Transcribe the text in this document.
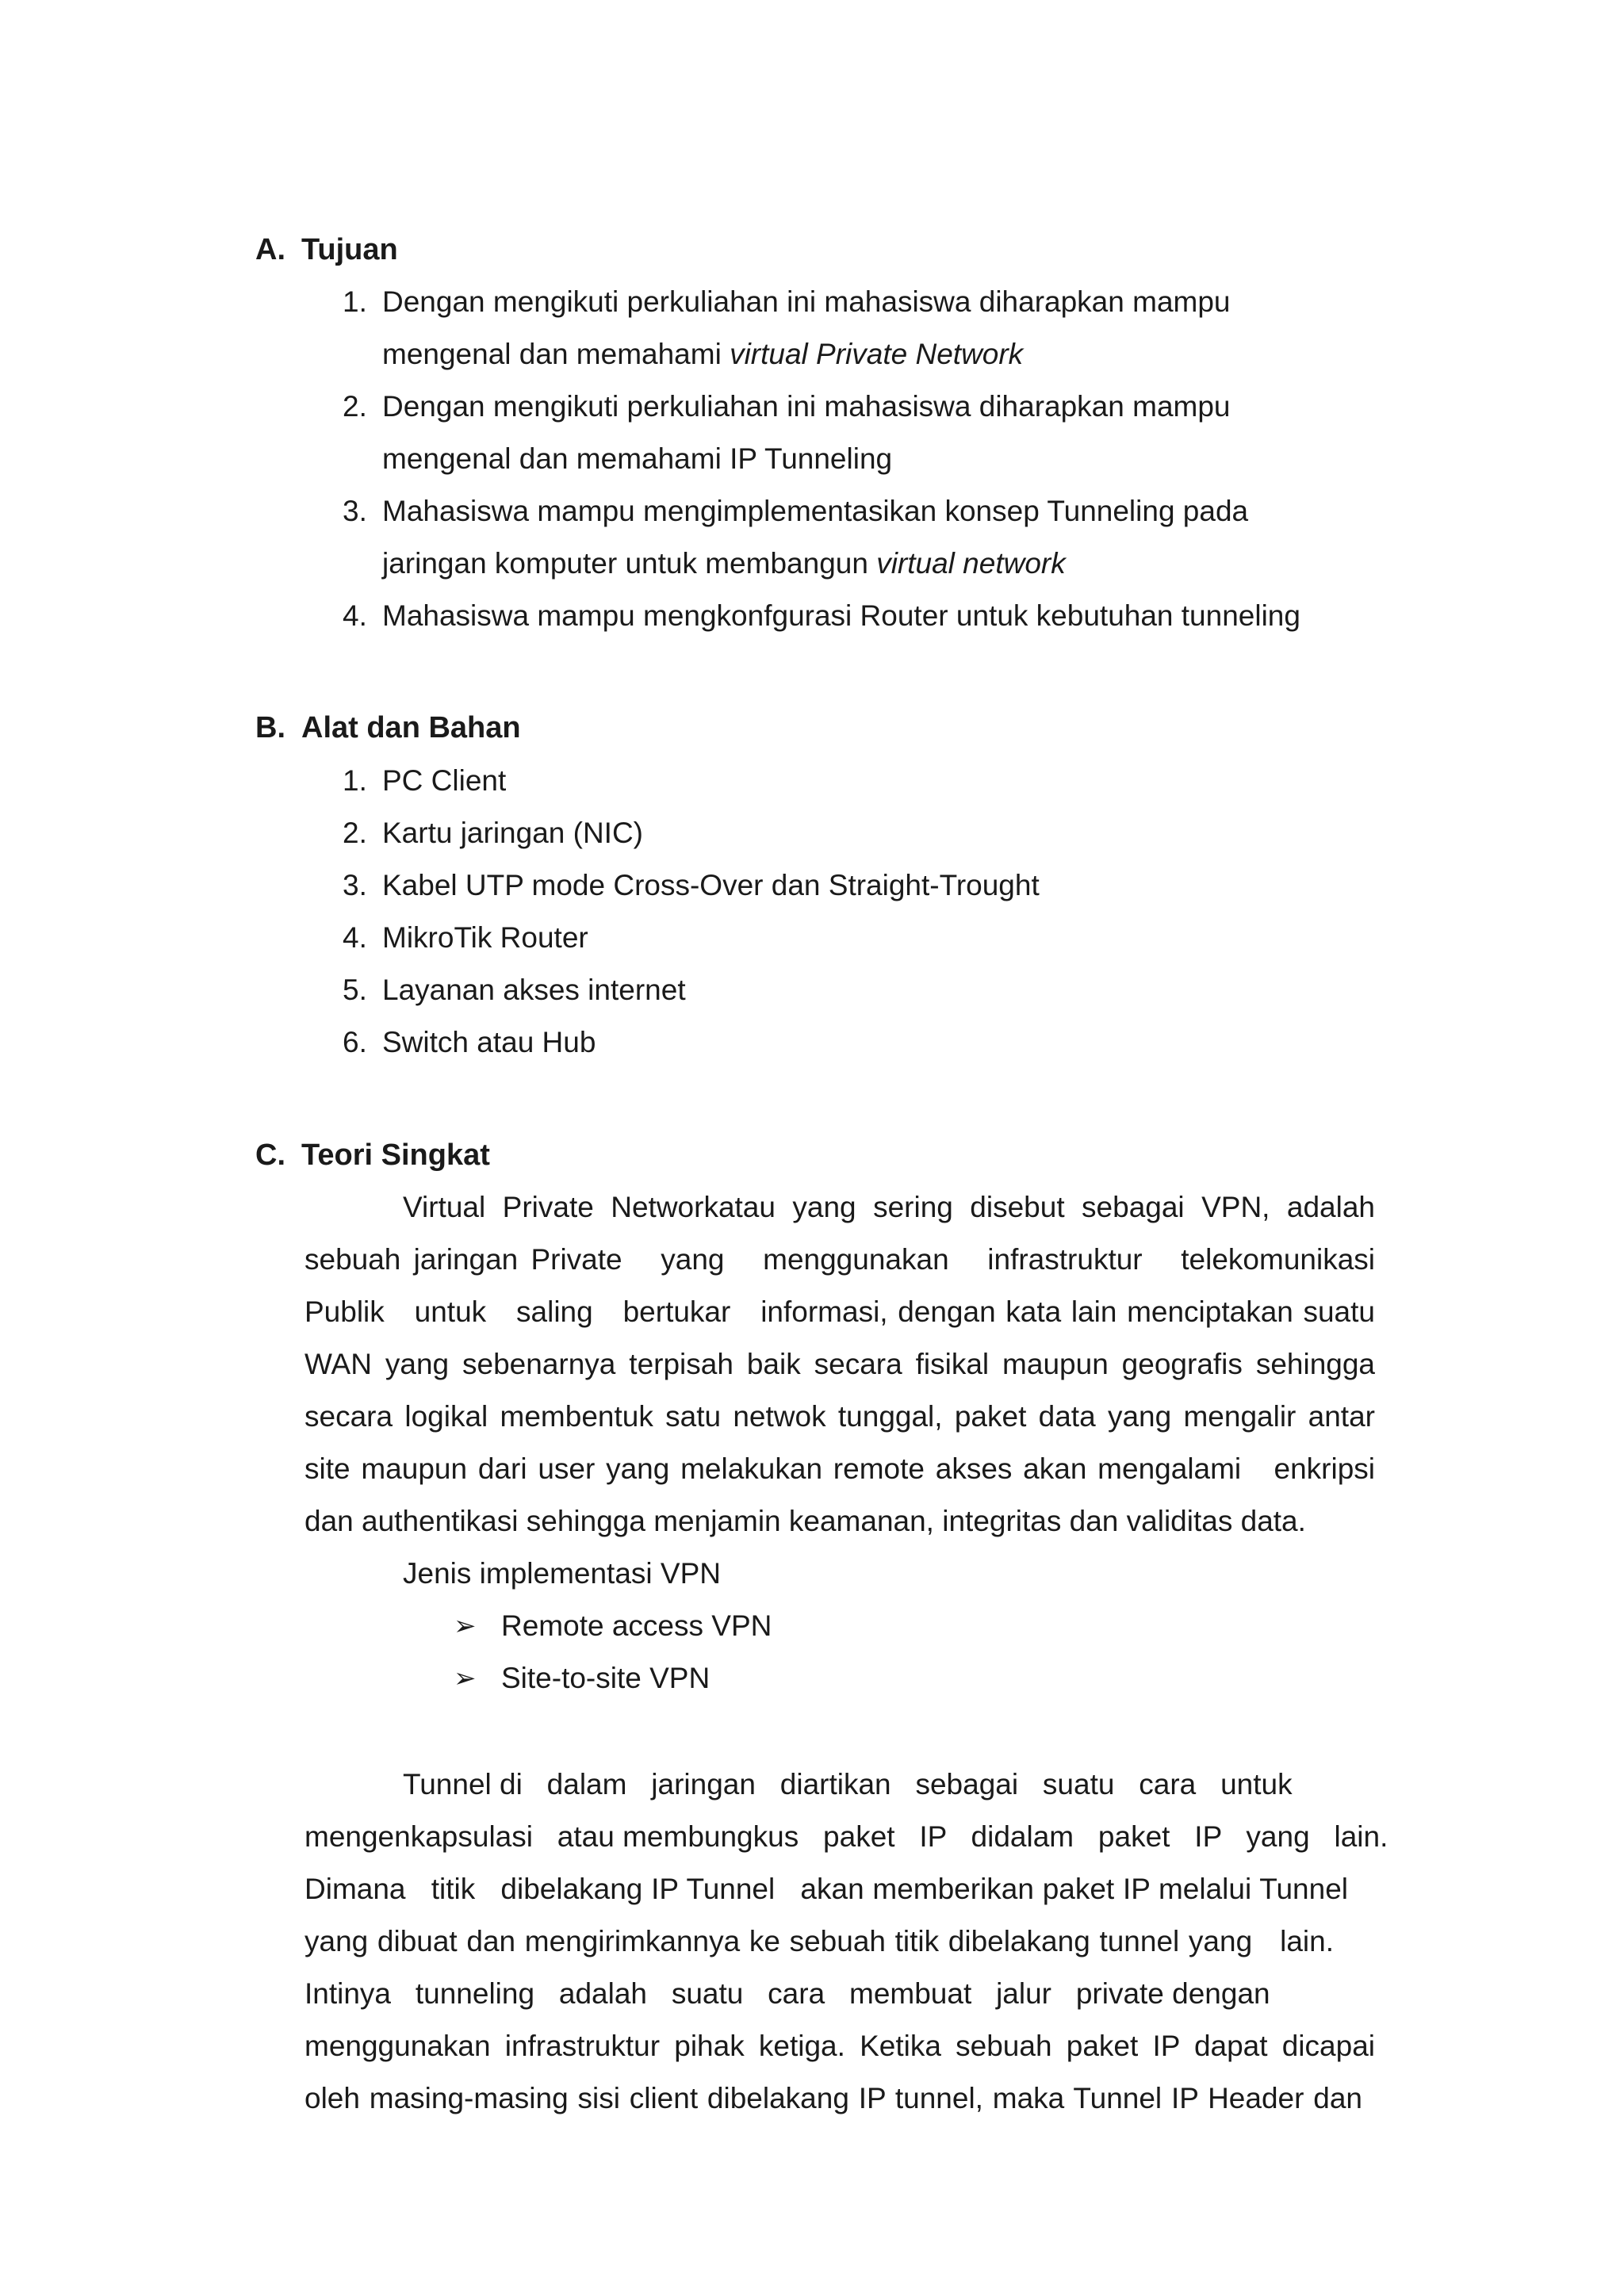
A. Tujuan
1. Dengan mengikuti perkuliahan ini mahasiswa diharapkan mampu
mengenal dan memahami virtual Private Network
2. Dengan mengikuti perkuliahan ini mahasiswa diharapkan mampu
mengenal dan memahami IP Tunneling
3. Mahasiswa mampu mengimplementasikan konsep Tunneling pada
jaringan komputer untuk membangun virtual network
4. Mahasiswa mampu mengkonfgurasi Router untuk kebutuhan tunneling
B. Alat dan Bahan
1. PC Client
2. Kartu jaringan (NIC)
3. Kabel UTP mode Cross-Over dan Straight-Trought
4. MikroTik Router
5. Layanan akses internet
6. Switch atau Hub
C. Teori Singkat
Virtual Private Networkatau yang sering disebut sebagai VPN, adalah
sebuah jaringan Private   yang   menggunakan   infrastruktur   telekomunikasi
Publik   untuk   saling   bertukar   informasi, dengan kata lain menciptakan suatu
WAN yang sebenarnya terpisah baik secara fisikal maupun geografis sehingga
secara logikal membentuk satu netwok tunggal, paket data yang mengalir antar
site maupun dari user yang melakukan remote akses akan mengalami   enkripsi
dan authentikasi sehingga menjamin keamanan, integritas dan validitas data.
Jenis implementasi VPN
➢ Remote access VPN
➢ Site-to-site VPN
Tunnel di   dalam   jaringan   diartikan   sebagai   suatu   cara   untuk
mengenkapsulasi   atau membungkus   paket   IP   didalam   paket   IP   yang   lain.
Dimana   titik   dibelakang IP Tunnel   akan memberikan paket IP melalui Tunnel
yang dibuat dan mengirimkannya ke sebuah titik dibelakang tunnel yang   lain.
Intinya   tunneling   adalah   suatu   cara   membuat   jalur   private dengan
menggunakan infrastruktur pihak ketiga. Ketika sebuah paket IP dapat dicapai
oleh masing-masing sisi client dibelakang IP tunnel, maka Tunnel IP Header dan
